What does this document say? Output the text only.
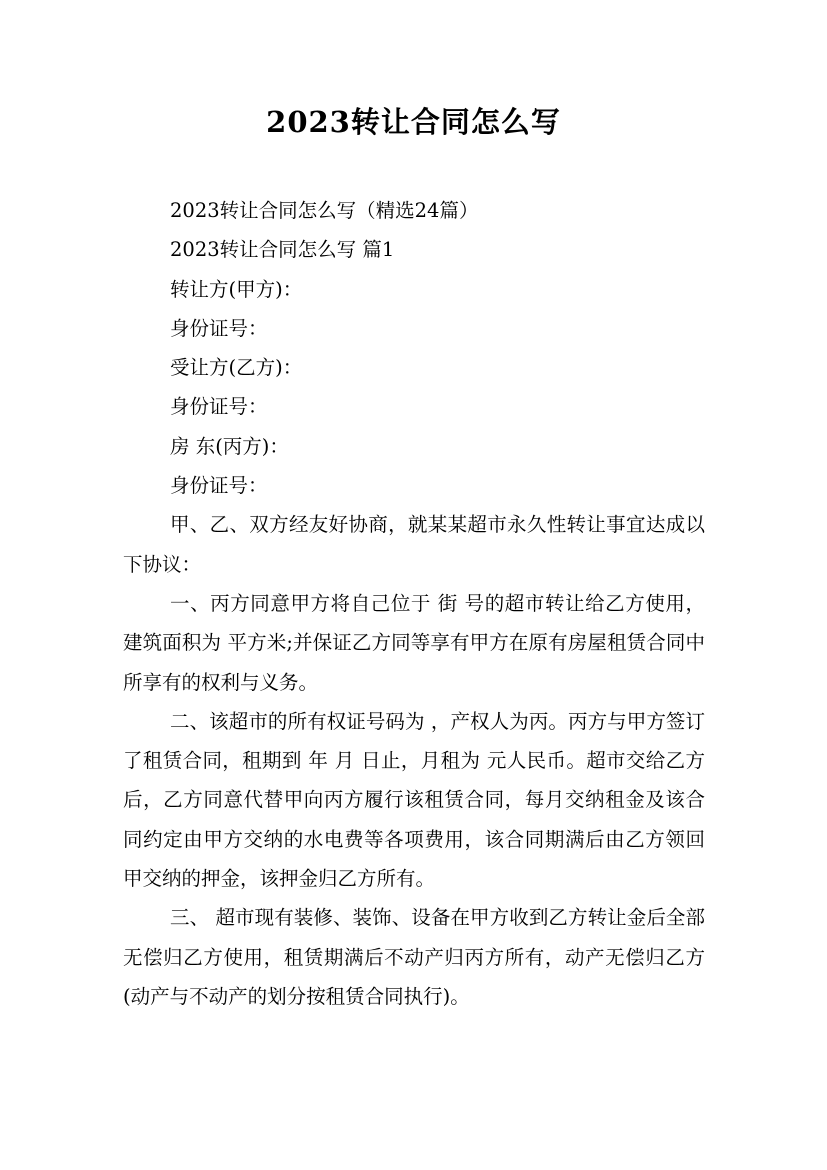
2023转让合同怎么写

2023转让合同怎么写（精选24篇）

2023转让合同怎么写 篇1

转让方(甲方)：

身份证号：

受让方(乙方)：

身份证号：

房 东(丙方)：

身份证号：

甲、乙、双方经友好协商，就某某超市永久性转让事宜达成以下协议：

一、丙方同意甲方将自己位于 街 号的超市转让给乙方使用，建筑面积为 平方米;并保证乙方同等享有甲方在原有房屋租赁合同中所享有的权利与义务。

二、该超市的所有权证号码为 ，产权人为丙。丙方与甲方签订了租赁合同，租期到 年 月 日止，月租为 元人民币。超市交给乙方后，乙方同意代替甲向丙方履行该租赁合同，每月交纳租金及该合同约定由甲方交纳的水电费等各项费用，该合同期满后由乙方领回甲交纳的押金，该押金归乙方所有。

三、 超市现有装修、装饰、设备在甲方收到乙方转让金后全部无偿归乙方使用，租赁期满后不动产归丙方所有，动产无偿归乙方(动产与不动产的划分按租赁合同执行)。
